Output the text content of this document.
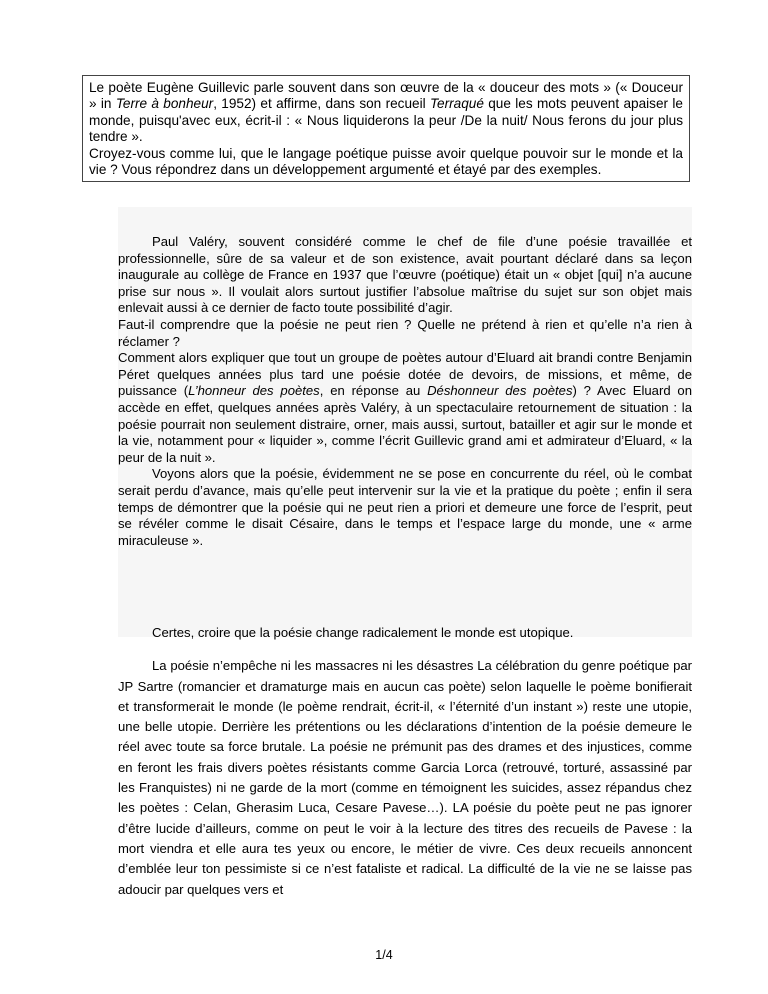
Le poète Eugène Guillevic parle souvent dans son œuvre de la « douceur des mots » (« Douceur » in Terre à bonheur, 1952) et affirme, dans son recueil Terraqué que les mots peuvent apaiser le monde, puisqu'avec eux, écrit-il : « Nous liquiderons la peur /De la nuit/ Nous ferons du jour plus tendre ».

Croyez-vous comme lui, que le langage poétique puisse avoir quelque pouvoir sur le monde et la vie ? Vous répondrez dans un développement argumenté et étayé par des exemples.

Paul Valéry, souvent considéré comme le chef de file d’une poésie travaillée et professionnelle, sûre de sa valeur et de son existence, avait pourtant déclaré dans sa leçon inaugurale au collège de France en 1937 que l’œuvre (poétique) était un « objet [qui] n’a aucune prise sur nous ». Il voulait alors surtout justifier l’absolue maîtrise du sujet sur son objet mais enlevait aussi à ce dernier de facto toute possibilité d’agir.

Faut-il comprendre que la poésie ne peut rien ? Quelle ne prétend à rien et qu’elle n’a rien à réclamer ?

Comment alors expliquer que tout un groupe de poètes autour d’Eluard ait brandi contre Benjamin Péret quelques années plus tard une poésie dotée de devoirs, de missions, et même, de puissance (L’honneur des poètes, en réponse au Déshonneur des poètes) ? Avec Eluard on accède en effet, quelques années après Valéry, à un spectaculaire retournement de situation : la poésie pourrait non seulement distraire, orner, mais aussi, surtout, batailler et agir sur le monde et la vie, notamment pour « liquider », comme l’écrit Guillevic grand ami et admirateur d’Eluard, « la peur de la nuit ».

Voyons alors que la poésie, évidemment ne se pose en concurrente du réel, où le combat serait perdu d’avance, mais qu’elle peut intervenir sur la vie et la pratique du poète ; enfin il sera temps de démontrer que la poésie qui ne peut rien a priori et demeure une force de l’esprit, peut se révéler comme le disait Césaire, dans le temps et l’espace large du monde, une « arme miraculeuse ».

Certes, croire que la poésie change radicalement le monde est utopique.

La poésie n’empêche ni les massacres ni les désastres La célébration du genre poétique par JP Sartre (romancier et dramaturge mais en aucun cas poète) selon laquelle le poème bonifierait et transformerait le monde (le poème rendrait, écrit-il, « l’éternité d’un instant ») reste une utopie, une belle utopie. Derrière les prétentions ou les déclarations d’intention de la poésie demeure le réel avec toute sa force brutale. La poésie ne prémunit pas des drames et des injustices, comme en feront les frais divers poètes résistants comme Garcia Lorca (retrouvé, torturé, assassiné par les Franquistes) ni ne garde de la mort (comme en témoignent les suicides, assez répandus chez les poètes : Celan, Gherasim Luca, Cesare Pavese…). LA poésie du poète peut ne pas ignorer d’être lucide d’ailleurs, comme on peut le voir à la lecture des titres des recueils de Pavese : la mort viendra et elle aura tes yeux ou encore, le métier de vivre. Ces deux recueils annoncent d’emblée leur ton pessimiste si ce n’est fataliste et radical. La difficulté de la vie ne se laisse pas adoucir par quelques vers et

1/4
